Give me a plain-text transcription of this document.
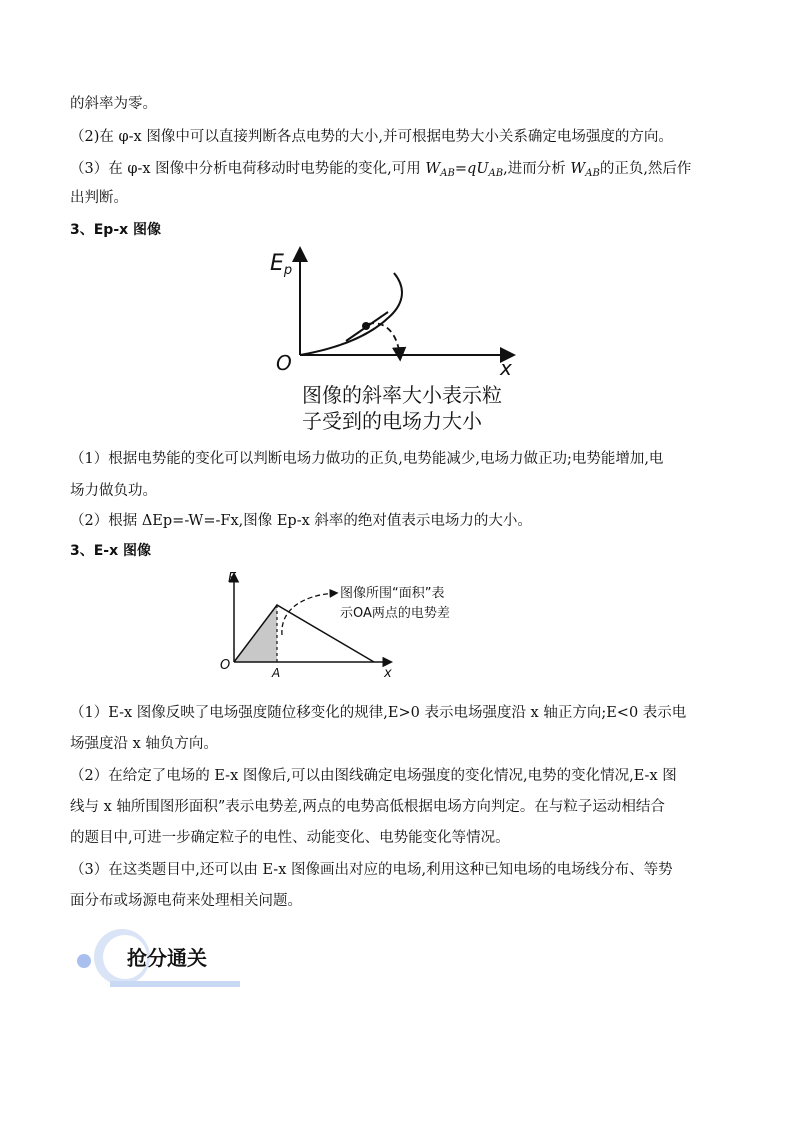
的斜率为零。
（2)在 φ-x 图像中可以直接判断各点电势的大小,并可根据电势大小关系确定电场强度的方向。
（3）在 φ-x 图像中分析电荷移动时电势能的变化,可用 $W_{AB}=qU_{AB}$,进而分析 $W_{AB}$的正负,然后作
出判断。
3、Ep-x 图像
Ep
O	x
图像的斜率大小表示粒
子受到的电场力大小
（1）根据电势能的变化可以判断电场力做功的正负,电势能减少,电场力做正功;电势能增加,电
场力做负功。
（2）根据 ΔEp=-W=-Fx,图像 Ep-x 斜率的绝对值表示电场力的大小。
3、E-x 图像
E
O	A	x
图像所围“面积”表
示OA两点的电势差
（1）E-x 图像反映了电场强度随位移变化的规律,E>0 表示电场强度沿 x 轴正方向;E<0 表示电
场强度沿 x 轴负方向。
（2）在给定了电场的 E-x 图像后,可以由图线确定电场强度的变化情况,电势的变化情况,E-x 图
线与 x 轴所围图形面积”表示电势差,两点的电势高低根据电场方向判定。在与粒子运动相结合
的题目中,可进一步确定粒子的电性、动能变化、电势能变化等情况。
（3）在这类题目中,还可以由 E-x 图像画出对应的电场,利用这种已知电场的电场线分布、等势
面分布或场源电荷来处理相关问题。
抢分通关
